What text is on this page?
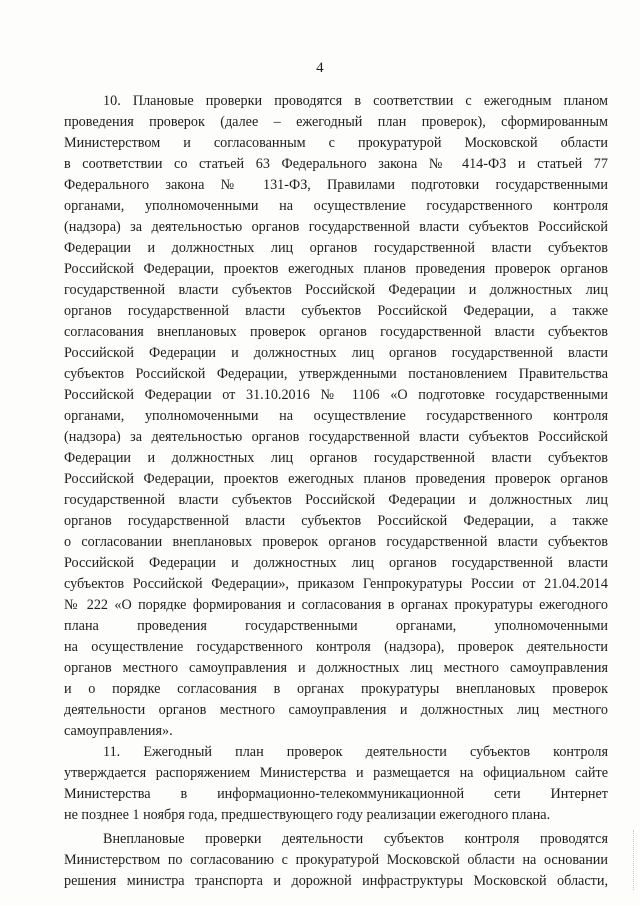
4
10. Плановые проверки проводятся в соответствии с ежегодным планом
проведения проверок (далее – ежегодный план проверок), сформированным
Министерством и согласованным с прокуратурой Московской области
в соответствии со статьей 63 Федерального закона № 414-ФЗ и статьей 77
Федерального закона № 131-ФЗ, Правилами подготовки государственными
органами, уполномоченными на осуществление государственного контроля
(надзора) за деятельностью органов государственной власти субъектов Российской
Федерации и должностных лиц органов государственной власти субъектов
Российской Федерации, проектов ежегодных планов проведения проверок органов
государственной власти субъектов Российской Федерации и должностных лиц
органов государственной власти субъектов Российской Федерации, а также
согласования внеплановых проверок органов государственной власти субъектов
Российской Федерации и должностных лиц органов государственной власти
субъектов Российской Федерации, утвержденными постановлением Правительства
Российской Федерации от 31.10.2016 № 1106 «О подготовке государственными
органами, уполномоченными на осуществление государственного контроля
(надзора) за деятельностью органов государственной власти субъектов Российской
Федерации и должностных лиц органов государственной власти субъектов
Российской Федерации, проектов ежегодных планов проведения проверок органов
государственной власти субъектов Российской Федерации и должностных лиц
органов государственной власти субъектов Российской Федерации, а также
о согласовании внеплановых проверок органов государственной власти субъектов
Российской Федерации и должностных лиц органов государственной власти
субъектов Российской Федерации», приказом Генпрокуратуры России от 21.04.2014
№ 222 «О порядке формирования и согласования в органах прокуратуры ежегодного
плана проведения государственными органами, уполномоченными
на осуществление государственного контроля (надзора), проверок деятельности
органов местного самоуправления и должностных лиц местного самоуправления
и о порядке согласования в органах прокуратуры внеплановых проверок
деятельности органов местного самоуправления и должностных лиц местного
самоуправления».
11. Ежегодный план проверок деятельности субъектов контроля
утверждается распоряжением Министерства и размещается на официальном сайте
Министерства в информационно-телекоммуникационной сети Интернет
не позднее 1 ноября года, предшествующего году реализации ежегодного плана.
Внеплановые проверки деятельности субъектов контроля проводятся
Министерством по согласованию с прокуратурой Московской области на основании
решения министра транспорта и дорожной инфраструктуры Московской области,
